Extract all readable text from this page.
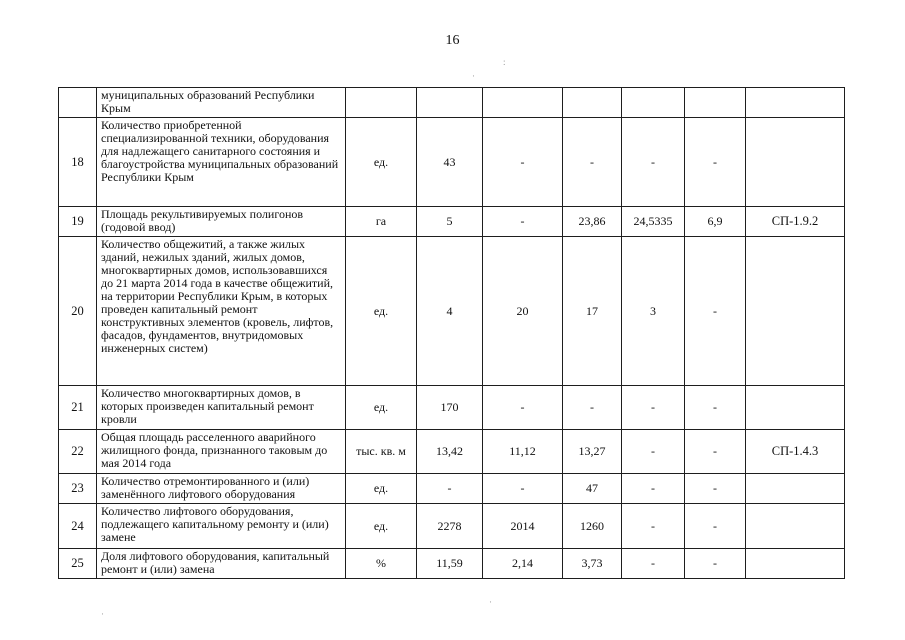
16
·
:
·
·
	муниципальных образований Республики Крым							
18	Количество приобретенной специализированной техники, оборудования для надлежащего санитарного состояния и благоустройства муниципальных образований Республики Крым	ед.	43	-	-	-	-	
19	Площадь рекультивируемых полигонов (годовой ввод)	га	5	-	23,86	24,5335	6,9	СП-1.9.2
20	Количество общежитий, а также жилых зданий, нежилых зданий, жилых домов, многоквартирных домов, использовавшихся до 21 марта 2014 года в качестве общежитий, на территории Республики Крым, в которых проведен капитальный ремонт конструктивных элементов (кровель, лифтов, фасадов, фундаментов, внутридомовых инженерных систем)	ед.	4	20	17	3	-	
21	Количество многоквартирных домов, в которых произведен капитальный ремонт кровли	ед.	170	-	-	-	-	
22	Общая площадь расселенного аварийного жилищного фонда, признанного таковым до мая 2014 года	тыс. кв. м	13,42	11,12	13,27	-	-	СП-1.4.3
23	Количество отремонтированного и (или) заменённого лифтового оборудования	ед.	-	-	47	-	-	
24	Количество лифтового оборудования, подлежащего капитальному ремонту и (или) замене	ед.	2278	2014	1260	-	-	
25	Доля лифтового оборудования, капитальный ремонт и (или) замена	%	11,59	2,14	3,73	-	-	
